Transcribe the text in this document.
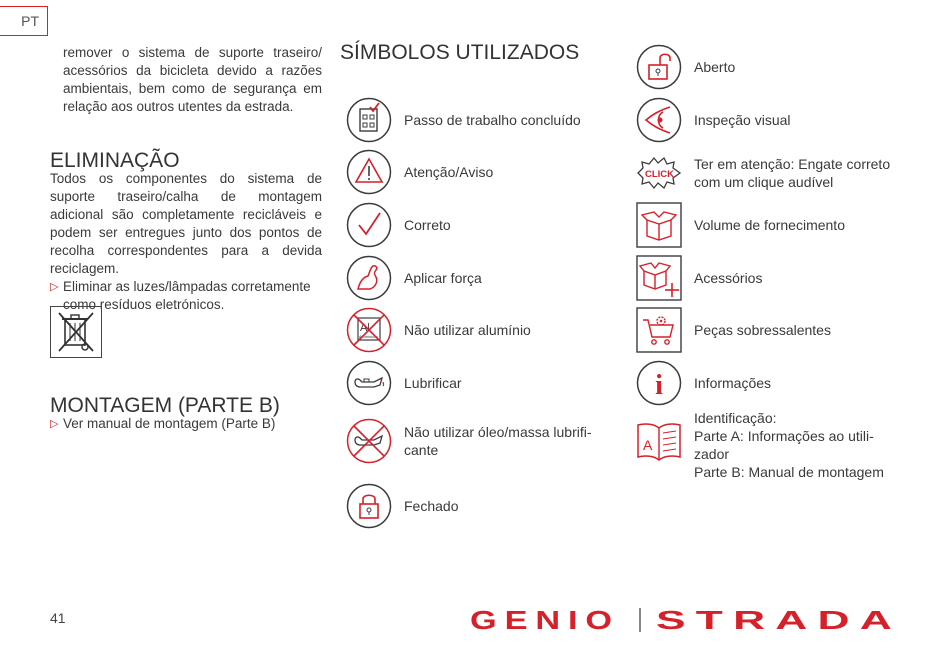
PT

remover o sistema de suporte traseiro/ acessórios da bicicleta devido a razões ambientais, bem como de segurança em relação aos outros utentes da estrada.

ELIMINAÇÃO

Todos os componentes do sistema de suporte traseiro/calha de montagem adicional são completamente recicláveis e podem ser entregues junto dos pontos de recolha correspondentes para a devida reciclagem.

▷ Eliminar as luzes/lâmpadas corretamente como resíduos eletrónicos.
MONTAGEM (PARTE B)
▷ Ver manual de montagem (Parte B)
SÍMBOLOS UTILIZADOS
Passo de trabalho concluído
Atenção/Aviso
Correto
Aplicar força
Al
Aluminium Não utilizar alumínio
Lubrificar
Não utilizar óleo/massa lubrifi-
cante
Fechado
Aberto
Inspeção visual
CLICK
Ter em atenção: Engate correto
com um clique audível
Volume de fornecimento
Acessórios
Peças sobressalentes
i Informações
A
Identificação:
Parte A: Informações ao utili-
zador
Parte B: Manual de montagem
41	GENIO STRADA
